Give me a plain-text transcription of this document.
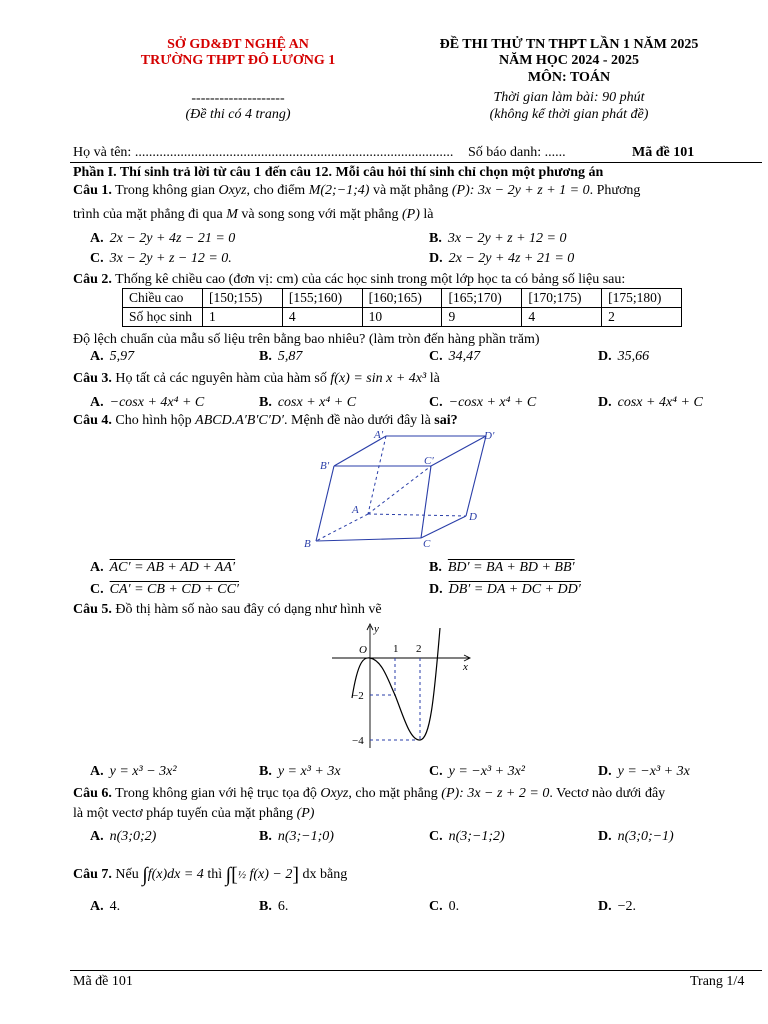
SỞ GD&ĐT NGHỆ AN
TRƯỜNG THPT ĐÔ LƯƠNG 1
--------------------
(Đề thi có 4 trang)
ĐỀ THI THỬ TN THPT LẦN 1 NĂM 2025
NĂM HỌC 2024 - 2025
MÔN: TOÁN
Thời gian làm bài: 90 phút
(không kể thời gian phát đề)
Họ và tên: ........................................................................................... Số báo danh: ......	Mã đề 101
Phần I. Thí sinh trả lời từ câu 1 đến câu 12. Mỗi câu hỏi thí sinh chỉ chọn một phương án
Câu 1. Trong không gian Oxyz, cho điểm M(2;−1;4) và mặt phẳng (P): 3x − 2y + z + 1 = 0. Phương
trình của mặt phẳng đi qua M và song song với mặt phẳng (P) là
A. 2x − 2y + 4z − 21 = 0	B. 3x − 2y + z + 12 = 0
C. 3x − 2y + z − 12 = 0.	D. 2x − 2y + 4z + 21 = 0
Câu 2. Thống kê chiều cao (đơn vị: cm) của các học sinh trong một lớp học ta có bảng số liệu sau:
Chiều cao	[150;155)	[155;160)	[160;165)	[165;170)	[170;175)	[175;180)
Số học sinh	1	4	10	9	4	2
Độ lệch chuẩn của mẫu số liệu trên bằng bao nhiêu? (làm tròn đến hàng phần trăm)
A. 5,97	B. 5,87	C. 34,47	D. 35,66
Câu 3. Họ tất cả các nguyên hàm của hàm số f(x) = sin x + 4x³ là
A. −cosx + 4x⁴ + C	B. cosx + x⁴ + C	C. −cosx + x⁴ + C	D. cosx + 4x⁴ + C
Câu 4. Cho hình hộp ABCD.A′B′C′D′. Mệnh đề nào dưới đây là sai?
A′	D′
B′	C′
A
D
B	C
A. AC′ = AB + AD + AA′	B. BD′ = BA + BD + BB′
C. CA′ = CB + CD + CC′	D. DB′ = DA + DC + DD′
Câu 5. Đồ thị hàm số nào sau đây có dạng như hình vẽ
y
x
O 1 2
−2
−4
A. y = x³ − 3x²	B. y = x³ + 3x	C. y = −x³ + 3x²	D. y = −x³ + 3x
Câu 6. Trong không gian với hệ trục tọa độ Oxyz, cho mặt phẳng (P): 3x − z + 2 = 0. Vectơ nào dưới đây
là một vectơ pháp tuyến của mặt phẳng (P)
A. n(3;0;2)	B. n(3;−1;0)	C. n(3;−1;2)	D. n(3;0;−1)
Câu 7. Nếu ∫f(x)dx = 4 thì ∫[½ f(x) − 2] dx bằng
A. 4.	B. 6.	C. 0.	D. −2.
Mã đề 101	Trang 1/4
